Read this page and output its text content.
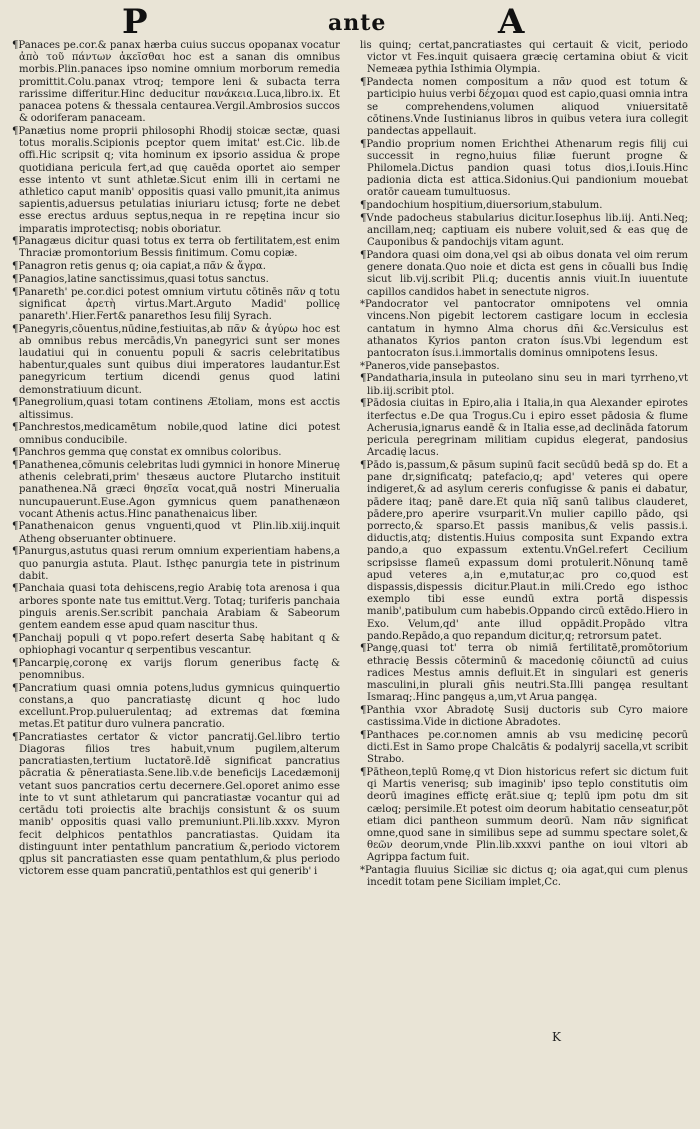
P	ante	A

¶Panaces pe.cor.& panax hærba cuius succus opopanax vocatur ἀπὸ τοῦ πάντων ἀκεῖσθαι hoc est a sanan dis omnibus morbis.Plin.panaces ipso nomine omnium morborum remedia promittit.Colu.panax vtroq; tempore leni & subacta terra rarissime differitur.Hinc deducitur πανάκεια.Luca,libro.ix. Et panacea potens & thessala centaurea.Vergil.Ambrosios succos & odoriferam panaceam.

¶Panætius nome proprii philosophi Rhodij stoicæ sectæ, quasi totus moralis.Scipionis pceptor quem imitat' est.Cic. lib.de offi.Hic scripsit q; vita hominum ex ipsorio assidua & prope quotidiana pericula fert,ad quę cauēda oportet aio semper esse intento vt sunt athletæ.Sicut enim illi in certami ne athletico caput manib' oppositis quasi vallo pmunit,ita animus sapientis,aduersus petulatias iniuriaru ictusq; forte ne debet esse erectus arduus septus,nequa in re repętina incur sio imparatis improtectisq; nobis oboriatur.

¶Panagæus dicitur quasi totus ex terra ob fertilitatem,est enim Thraciæ promontorium Bessis finitimum. Comu copiæ.

¶Panagron retis genus q; oia capiat,a πᾶν & ἄγρα.

¶Panagios,latine sanctissimus,quasi totus sanctus.

¶Panareth' pe.cor.dici potest omnium virtutu cōtinēs πᾶν q totu significat ἀρετὴ virtus.Mart.Arguto Madid' pollicę panareth'.Hier.Fert& panarethos Iesu filij Syrach.

¶Panegyris,cōuentus,nūdine,festiuitas,ab πᾶν & ἀγύρω hoc est ab omnibus rebus mercādis,Vn panegyrici sunt ser mones laudatiui qui in conuentu populi & sacris celebritatibus habentur,quales sunt quibus diui imperatores laudantur.Est panegyricum tertium dicendi genus quod latini demonstratiuum dicunt.

¶Panegrolium,quasi totam continens Ætoliam, mons est acctis altissimus.

¶Panchrestos,medicamētum nobile,quod latine dici potest omnibus conducibile.

¶Panchros gemma quę constat ex omnibus coloribus.

¶Panathenea,cōmunis celebritas ludi gymnici in honore Mineruę athenis celebrati,prim' thesæus auctore Plutarcho instituit panathenea.Nā græci θησεῖα vocat,quā nostri Minerualia nuncupauerunt.Euse.Agon gymnicus quem panathenæon vocant Athenis actus.Hinc panathenaicus liber.

¶Panathenaicon genus vnguenti,quod vt Plin.lib.xiij.inquit Atheng obseruanter obtinuere.

¶Panurgus,astutus quasi rerum omnium experientiam habens,a quo panurgia astuta. Plaut. Isthęc panurgia tete in pistrinum dabit.

¶Panchaia quasi tota dehiscens,regio Arabię tota arenosa i qua arbores sponte nate tus emittut.Verg. Totaq; turiferis panchaia pinguis arenis.Ser.scribit panchaia Arabiam & Sabeorum gentem eandem esse apud quam nascitur thus.

¶Panchaij populi q vt popo.refert deserta Sabę habitant q & ophiophagi vocantur q serpentibus vescantur.

¶Pancarpię,coronę ex varijs florum generibus factę & penomnibus.

¶Pancratium quasi omnia potens,ludus gymnicus quinquertio constans,a quo pancratiastę dicunt q hoc ludo excellunt.Prop.puluerulentaq; ad extremas dat fœmina metas.Et patitur duro vulnera pancratio.

¶Pancratiastes certator & victor pancratij.Gel.libro tertio Diagoras filios tres habuit,vnum pugilem,alterum pancratiasten,tertium luctatorē.Idē significat pancratius pācratia & pēneratiasta.Sene.lib.v.de beneficijs Lacedæmonij vetant suos pancratios certu decernere.Gel.oporet animo esse inte to vt sunt athletarum qui pancratiastæ vocantur qui ad certādu toti proiectis alte brachijs consistunt & os suum manib' oppositis quasi vallo premuniunt.Pli.lib.xxxv. Myron fecit delphicos pentathlos pancratiastas. Quidam ita distinguunt inter pentathlum pancratium &,periodo victorem qplus sit pancratiasten esse quam pentathlum,& plus periodo victorem esse quam pancratiū,pentathlos est qui generib' i

lis quinq; certat,pancratiastes qui certauit & vicit, periodo victor vt Fes.inquit quisaera græcię certamina obiut & vicit Nemeæa pythia Isthimia Olympia.

¶Pandecta nomen compositum a πᾶν quod est totum & participio huius verbi δέχομαι quod est capio,quasi omnia intra se comprehendens,volumen aliquod vniuersitatē cōtinens.Vnde Iustinianus libros in quibus vetera iura collegit pandectas appellauit.

¶Pandio proprium nomen Erichthei Athenarum regis filij cui successit in regno,huius filiæ fuerunt progne & Philomela.Dictus pandion quasi totus dios,i.Iouis.Hinc padionia dicta est attica.Sidonius.Qui pandionium mouebat oratōr caueam tumultuosus.

¶pandochium hospitium,diuersorium,stabulum.

¶Vnde padocheus stabularius dicitur.Iosephus lib.iij. Anti.Neq; ancillam,neq; captiuam eis nubere voluit,sed & eas quę de Cauponibus & pandochijs vitam agunt.

¶Pandora quasi oim dona,vel qsi ab oibus donata vel oim rerum genere donata.Quo noie et dicta est gens in cōualli bus Indię sicut lib.vij.scribit Pli.q; ducentis annis viuit.In iuuentute capillos candidos habet in senectute nigros.

*Pandocrator vel pantocrator omnipotens vel omnia vincens.Non pigebit lectorem castigare locum in ecclesia cantatum in hymno Alma chorus dn̄i &c.Versiculus est athanatos Kyrios panton craton ísus.Vbi legendum est pantocraton ísus.i.immortalis dominus omnipotens Iesus.

*Paneros,vide panseþastos.

¶Pandatharia,insula in puteolano sinu seu in mari tyrrheno,vt lib.iij.scribit ptol.

¶Pādosia ciuitas in Epiro,alia i Italia,in qua Alexander epirotes iterfectus e.De qua Trogus.Cu i epiro esset pādosia & flume Acherusia,ignarus eandē & in Italia esse,ad declināda fatorum pericula peregrinam militiam cupidus elegerat, pandosius Arcadię lacus.

¶Pādo is,passum,& pāsum supinū facit secūdū bedā sp do. Et a pane dr,significatq; patefacio,q; apd' veteres qui opere indigeret,& ad asylum cereris confugisse & panis ei dabatur, pādere itaq; panē dare.Et quia nīq̄ sanū talibus clauderet, pādere,pro aperire vsurparit.Vn mulier capillo pādo, qsi porrecto,& sparso.Et passis manibus,& velis passis.i. diductis,atq; distentis.Huius composita sunt Expando extra pando,a quo expassum extentu.VnGel.refert Cecilium scripsisse flameū expassum domi protulerit.Nōnunq tamē apud veteres a,in e,mutatur,ac pro co,quod est dispassis,dispessis dicitur.Plaut.in mili.Credo ego isthoc exemplo tibi esse eundū extra portā dispessis manib',patibulum cum habebis.Oppando circū extēdo.Hiero in Exo. Velum,qd' ante illud oppādit.Propādo vltra pando.Repādo,a quo repandum dicitur,q; retrorsum patet.

¶Pangę,quasi tot' terra ob nimiā fertilitatē,promōtorium ethracię Bessis cōterminū & macedonię cōiunctū ad cuius radices Mestus amnis defluit.Et in singulari est generis masculini,in plurali gn̄is neutri.Sta.Illi pangęa resultant Ismaraq;.Hinc pangęus a,um,vt Arua pangęa.

¶Panthia vxor Abradotę Susij ductoris sub Cyro maiore castissima.Vide in dictione Abradotes.

¶Panthaces pe.cor.nomen amnis ab vsu medicinę pecorū dicti.Est in Samo prope Chalcātis & podalyrij sacella,vt scribit Strabo.

¶Pātheon,teplū Romę,q vt Dion historicus refert sic dictum fuit qi Martis venerisq; sub imaginib' ipso teplo constitutis oim deorū imagines effictę erāt.siue q; teplū ipm potu dm sit cæloq; persimile.Et potest oim deorum habitatio censeatur,pōt etiam dici pantheon summum deorū. Nam πᾶν significat omne,quod sane in similibus sepe ad summu spectare solet,& θεῶν deorum,vnde Plin.lib.xxxvi panthe on ioui vltori ab Agrippa factum fuit.

*Pantagia fluuius Siciliæ sic dictus q; oia agat,qui cum plenus incedit totam pene Siciliam implet,Cc.

K
